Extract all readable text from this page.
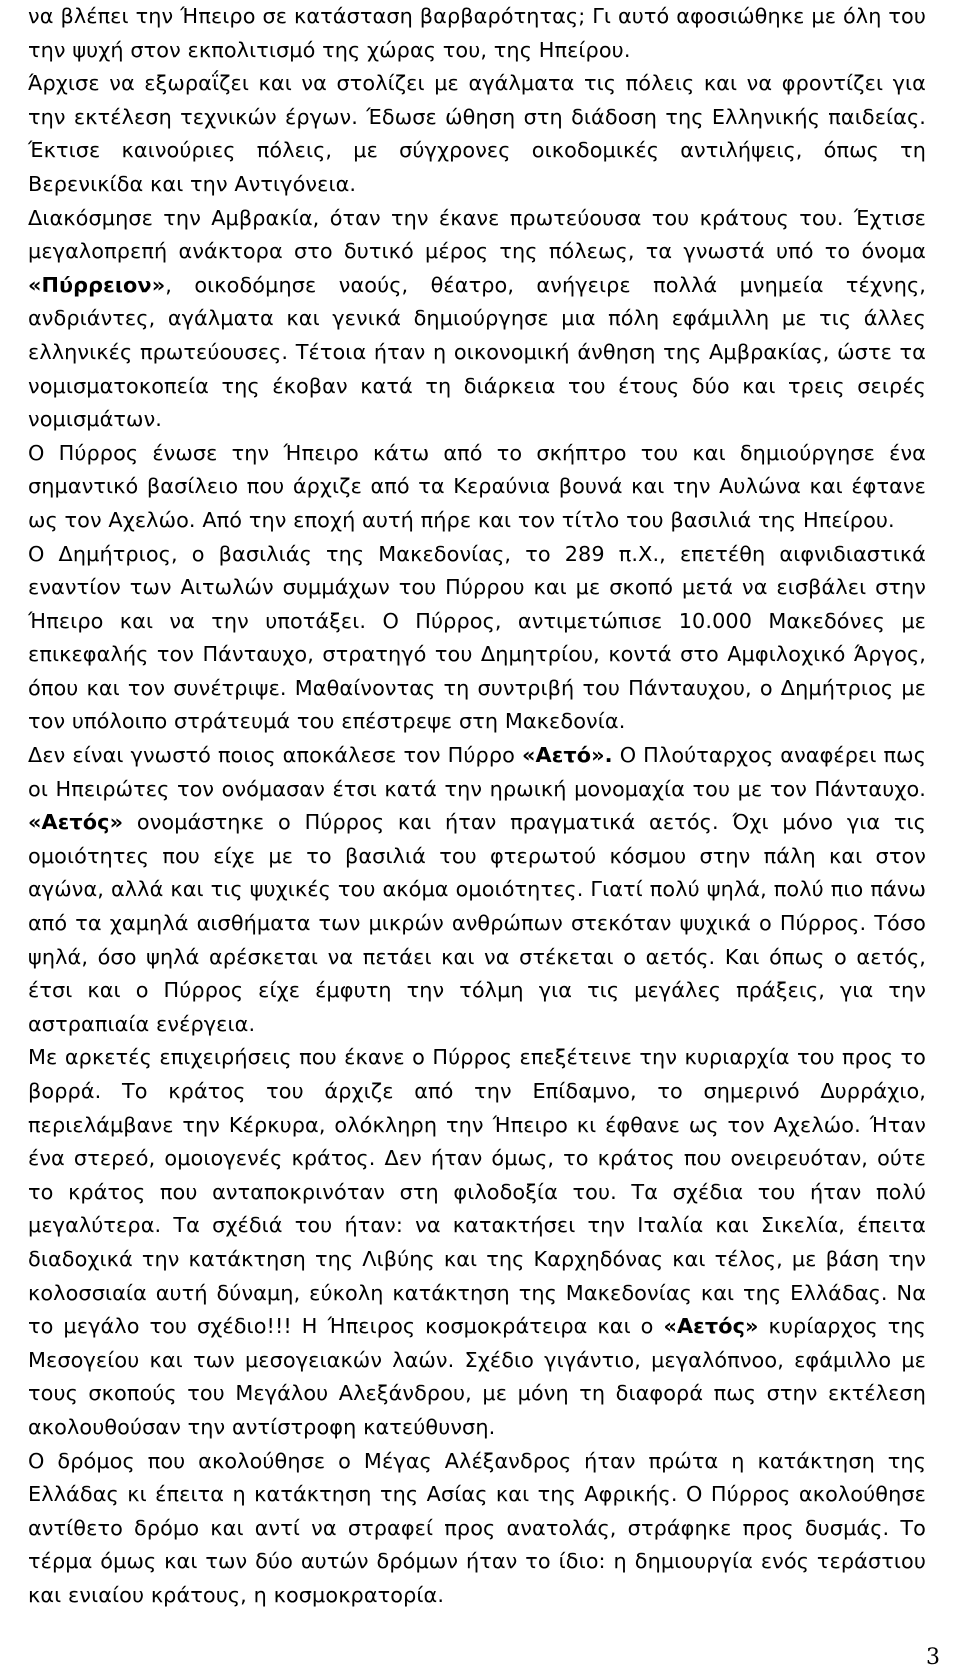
να βλέπει την Ήπειρο σε κατάσταση βαρβαρότητας; Γι αυτό αφοσιώθηκε με όλη του την ψυχή στον εκπολιτισμό της χώρας του, της Ηπείρου.

Άρχισε να εξωραΐζει και να στολίζει με αγάλματα τις πόλεις και να φροντίζει για την εκτέλεση τεχνικών έργων. Έδωσε ώθηση στη διάδοση της Ελληνικής παιδείας. Έκτισε καινούριες πόλεις, με σύγχρονες οικοδομικές αντιλήψεις, όπως τη Βερενικίδα και την Αντιγόνεια.

Διακόσμησε την Αμβρακία, όταν την έκανε πρωτεύουσα του κράτους του. Έχτισε μεγαλοπρεπή ανάκτορα στο δυτικό μέρος της πόλεως, τα γνωστά υπό το όνομα «Πύρρειον», οικοδόμησε ναούς, θέατρο, ανήγειρε πολλά μνημεία τέχνης, ανδριάντες, αγάλματα και γενικά δημιούργησε μια πόλη εφάμιλλη με τις άλλες ελληνικές πρωτεύουσες. Τέτοια ήταν η οικονομική άνθηση της Αμβρακίας, ώστε τα νομισματοκοπεία της έκοβαν κατά τη διάρκεια του έτους δύο και τρεις σειρές νομισμάτων.

Ο Πύρρος ένωσε την Ήπειρο κάτω από το σκήπτρο του και δημιούργησε ένα σημαντικό βασίλειο που άρχιζε από τα Κεραύνια βουνά και την Αυλώνα και έφτανε ως τον Αχελώο. Από την εποχή αυτή πήρε και τον τίτλο του βασιλιά της Ηπείρου.

Ο Δημήτριος, ο βασιλιάς της Μακεδονίας, το 289 π.Χ., επετέθη αιφνιδιαστικά εναντίον των Αιτωλών συμμάχων του Πύρρου και με σκοπό μετά να εισβάλει στην Ήπειρο και να την υποτάξει. Ο Πύρρος, αντιμετώπισε 10.000 Μακεδόνες με επικεφαλής τον Πάνταυχο, στρατηγό του Δημητρίου, κοντά στο Αμφιλοχικό Άργος, όπου και τον συνέτριψε. Μαθαίνοντας τη συντριβή του Πάνταυχου, ο Δημήτριος με τον υπόλοιπο στράτευμά του επέστρεψε στη Μακεδονία.

Δεν είναι γνωστό ποιος αποκάλεσε τον Πύρρο «Αετό». Ο Πλούταρχος αναφέρει πως οι Ηπειρώτες τον ονόμασαν έτσι κατά την ηρωική μονομαχία του με τον Πάνταυχο. «Αετός» ονομάστηκε ο Πύρρος και ήταν πραγματικά αετός. Όχι μόνο για τις ομοιότητες που είχε με το βασιλιά του φτερωτού κόσμου στην πάλη και στον αγώνα, αλλά και τις ψυχικές του ακόμα ομοιότητες. Γιατί πολύ ψηλά, πολύ πιο πάνω από τα χαμηλά αισθήματα των μικρών ανθρώπων στεκόταν ψυχικά ο Πύρρος. Τόσο ψηλά, όσο ψηλά αρέσκεται να πετάει και να στέκεται ο αετός. Και όπως ο αετός, έτσι και ο Πύρρος είχε έμφυτη την τόλμη για τις μεγάλες πράξεις, για την αστραπιαία ενέργεια.

Με αρκετές επιχειρήσεις που έκανε ο Πύρρος επεξέτεινε την κυριαρχία του προς το βορρά. Το κράτος του άρχιζε από την Επίδαμνο, το σημερινό Δυρράχιο, περιελάμβανε την Κέρκυρα, ολόκληρη την Ήπειρο κι έφθανε ως τον Αχελώο. Ήταν ένα στερεό, ομοιογενές κράτος. Δεν ήταν όμως, το κράτος που ονειρευόταν, ούτε το κράτος που ανταποκρινόταν στη φιλοδοξία του. Τα σχέδια του ήταν πολύ μεγαλύτερα. Τα σχέδιά του ήταν: να κατακτήσει την Ιταλία και Σικελία, έπειτα διαδοχικά την κατάκτηση της Λιβύης και της Καρχηδόνας και τέλος, με βάση την κολοσσιαία αυτή δύναμη, εύκολη κατάκτηση της Μακεδονίας και της Ελλάδας. Να το μεγάλο του σχέδιο!!! Η Ήπειρος κοσμοκράτειρα και ο «Αετός» κυρίαρχος της Μεσογείου και των μεσογειακών λαών. Σχέδιο γιγάντιο, μεγαλόπνοο, εφάμιλλο με τους σκοπούς του Μεγάλου Αλεξάνδρου, με μόνη τη διαφορά πως στην εκτέλεση ακολουθούσαν την αντίστροφη κατεύθυνση.

Ο δρόμος που ακολούθησε ο Μέγας Αλέξανδρος ήταν πρώτα η κατάκτηση της Ελλάδας κι έπειτα η κατάκτηση της Ασίας και της Αφρικής. Ο Πύρρος ακολούθησε αντίθετο δρόμο και αντί να στραφεί προς ανατολάς, στράφηκε προς δυσμάς. Το τέρμα όμως και των δύο αυτών δρόμων ήταν το ίδιο: η δημιουργία ενός τεράστιου και ενιαίου κράτους, η κοσμοκρατορία.

3
